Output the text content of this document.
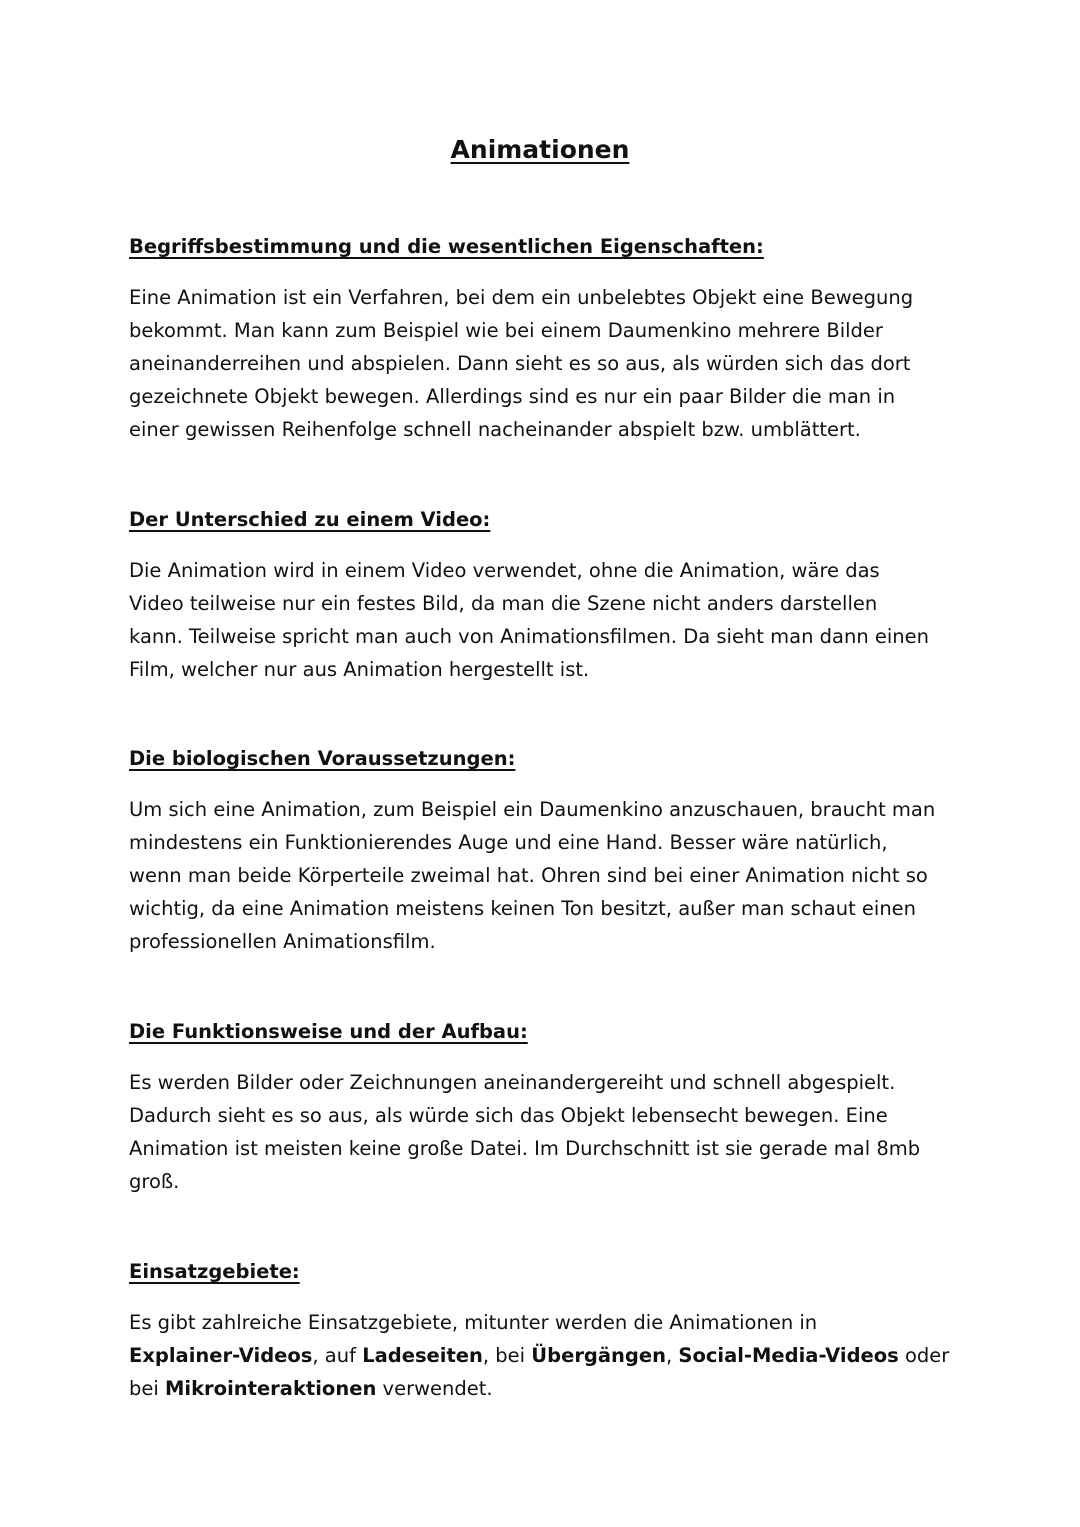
Animationen

Begriffsbestimmung und die wesentlichen Eigenschaften:

Eine Animation ist ein Verfahren, bei dem ein unbelebtes Objekt eine Bewegung
bekommt. Man kann zum Beispiel wie bei einem Daumenkino mehrere Bilder
aneinanderreihen und abspielen. Dann sieht es so aus, als würden sich das dort
gezeichnete Objekt bewegen. Allerdings sind es nur ein paar Bilder die man in
einer gewissen Reihenfolge schnell nacheinander abspielt bzw. umblättert.

Der Unterschied zu einem Video:

Die Animation wird in einem Video verwendet, ohne die Animation, wäre das
Video teilweise nur ein festes Bild, da man die Szene nicht anders darstellen
kann. Teilweise spricht man auch von Animationsfilmen. Da sieht man dann einen
Film, welcher nur aus Animation hergestellt ist.

Die biologischen Voraussetzungen:

Um sich eine Animation, zum Beispiel ein Daumenkino anzuschauen, braucht man
mindestens ein Funktionierendes Auge und eine Hand. Besser wäre natürlich,
wenn man beide Körperteile zweimal hat. Ohren sind bei einer Animation nicht so
wichtig, da eine Animation meistens keinen Ton besitzt, außer man schaut einen
professionellen Animationsfilm.

Die Funktionsweise und der Aufbau:

Es werden Bilder oder Zeichnungen aneinandergereiht und schnell abgespielt.
Dadurch sieht es so aus, als würde sich das Objekt lebensecht bewegen. Eine
Animation ist meisten keine große Datei. Im Durchschnitt ist sie gerade mal 8mb
groß.

Einsatzgebiete:

Es gibt zahlreiche Einsatzgebiete, mitunter werden die Animationen in
Explainer-Videos, auf Ladeseiten, bei Übergängen, Social-Media-Videos oder
bei Mikrointeraktionen verwendet.
